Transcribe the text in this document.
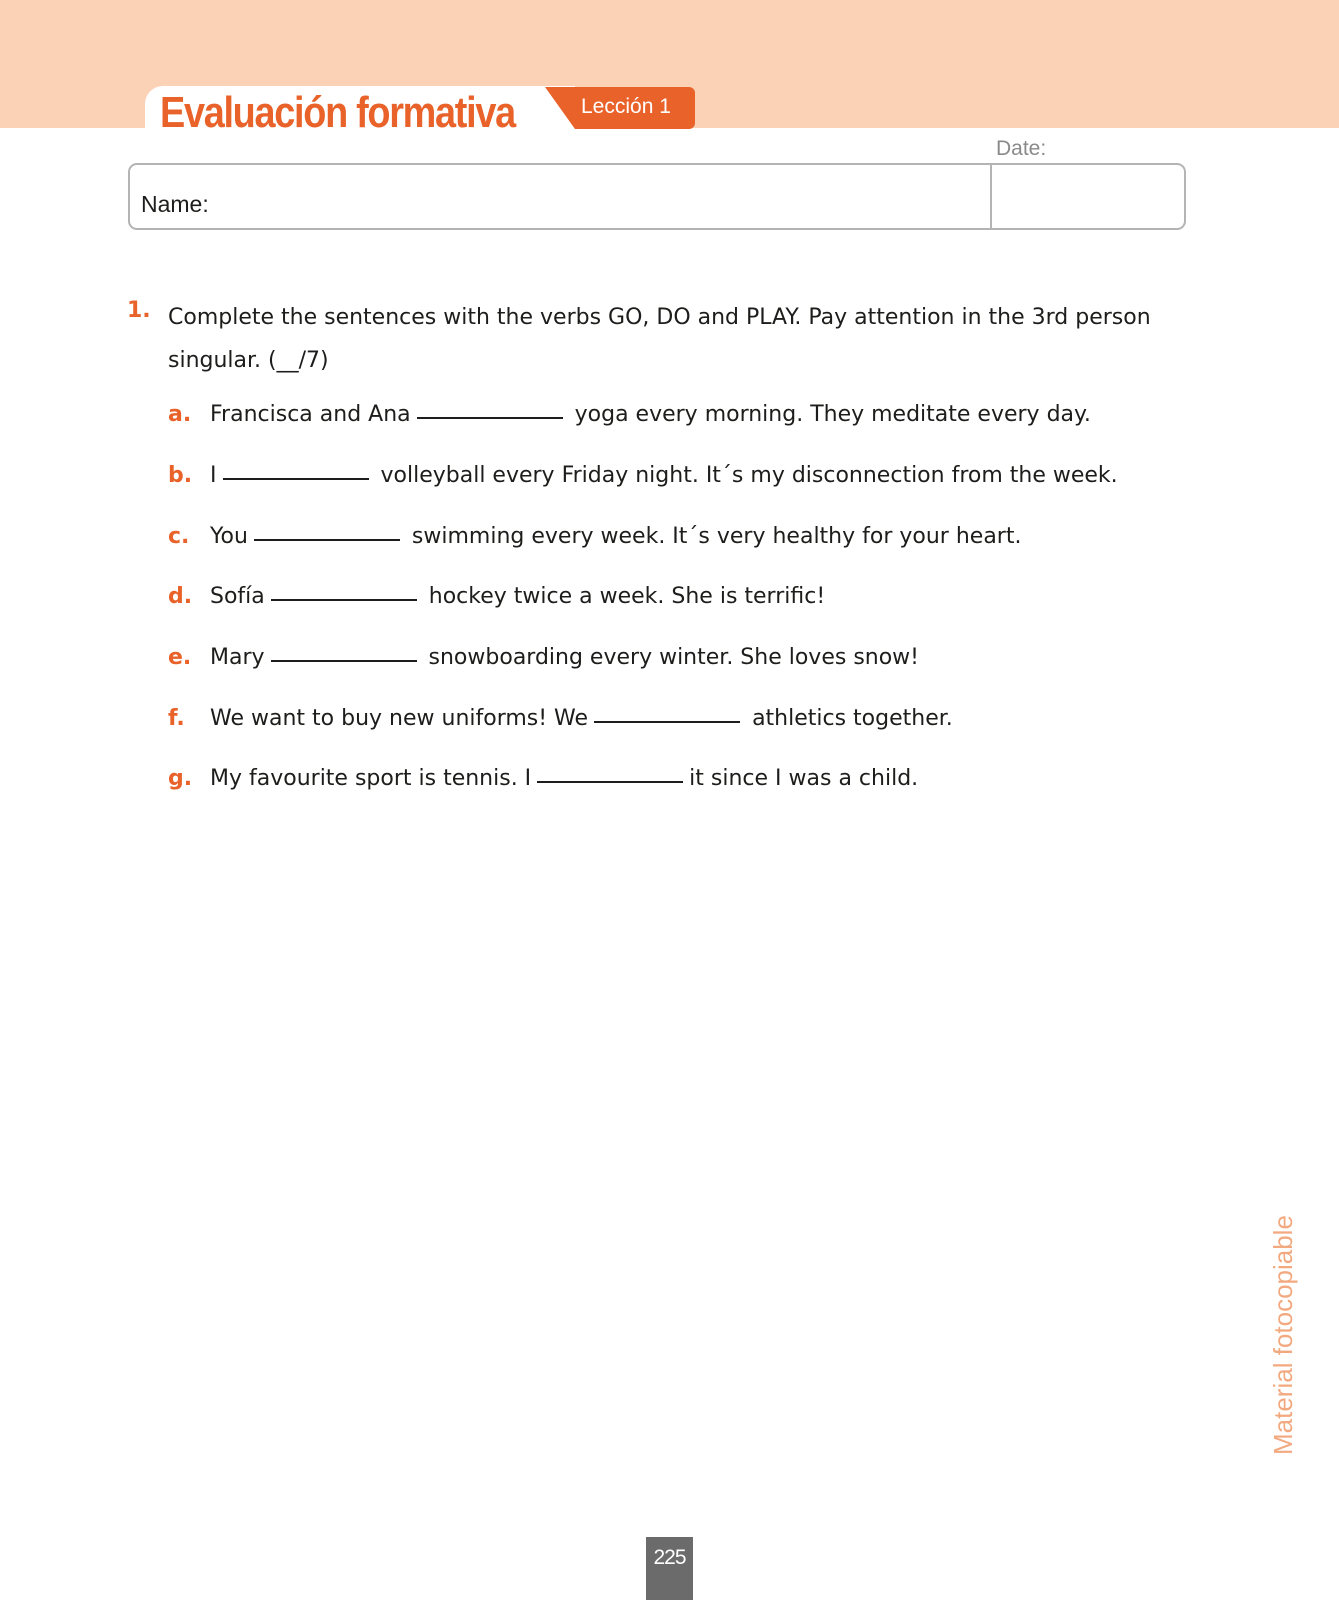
Evaluación formativa	Lección 1
Date:
Name:
1. Complete the sentences with the verbs GO, DO and PLAY. Pay attention in the 3rd person singular. (__/7)
a. Francisca and Ana	yoga every morning. They meditate every day.
b. I	volleyball every Friday night. It´s my disconnection from the week.
c. You	swimming every week. It´s very healthy for your heart.
d. Sofía	hockey twice a week. She is terrific!
e. Mary	snowboarding every winter. She loves snow!
f.	We want to buy new uniforms! We	athletics together.
g. My favourite sport is tennis. I	it since I was a child.
Material fotocopiable
225
